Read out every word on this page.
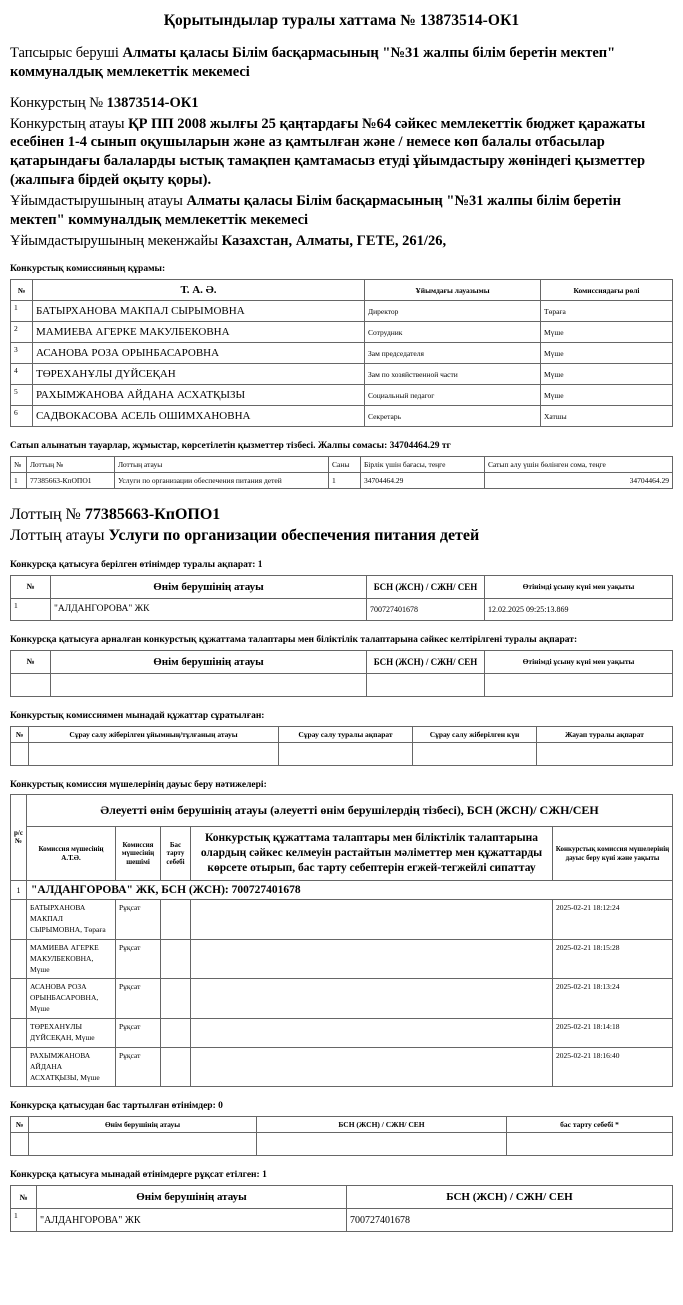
Қорытындылар туралы хаттама № 13873514-ОК1
Тапсырыс беруші Алматы қаласы Білім басқармасының "№31 жалпы білім беретін мектеп" коммуналдық мемлекеттік мекемесі
Конкурстың № 13873514-ОК1
Конкурстың атауы ҚР ПП 2008 жылғы 25 қаңтардағы №64 сәйкес мемлекеттік бюджет қаражаты есебінен 1-4 сынып оқушыларын және аз қамтылған және / немесе көп балалы отбасылар қатарындағы балаларды ыстық тамақпен қамтамасыз етуді ұйымдастыру жөніндегі қызметтер (жалпыға бірдей оқыту қоры).
Ұйымдастырушының атауы Алматы қаласы Білім басқармасының "№31 жалпы білім беретін мектеп" коммуналдық мемлекеттік мекемесі
Ұйымдастырушының мекенжайы Казахстан, Алматы, ГЕТЕ, 261/26,
Конкурстық комиссияның құрамы:
№	Т. А. Ә.	Ұйымдағы лауазымы	Комиссиядағы рөлі
1	БАТЫРХАНОВА МАКПАЛ СЫРЫМОВНА	Директор	Төраға
2	МАМИЕВА АГЕРКЕ МАКУЛБЕКОВНА	Сотрудник	Мүше
3	АСАНОВА РОЗА ОРЫНБАСАРОВНА	Зам председателя	Мүше
4	ТӨРЕХАНҰЛЫ ДҮЙСЕҚАН	Зам по хозяйственной части	Мүше
5	РАХЫМЖАНОВА АЙДАНА АСХАТҚЫЗЫ	Социальный педагог	Мүше
6	САДВОКАСОВА АСЕЛЬ ОШИМХАНОВНА	Секретарь	Хатшы
Сатып алынатын тауарлар, жұмыстар, көрсетілетін қызметтер тізбесі. Жалпы сомасы: 34704464.29 тг
№	Лоттың №	Лоттың атауы	Саны	Бірлік үшін бағасы, теңге	Сатып алу үшін бөлінген сома, теңге
1	77385663-КпОПО1	Услуги по организации обеспечения питания детей	1	34704464.29	34704464.29
Лоттың № 77385663-КпОПО1
Лоттың атауы Услуги по организации обеспечения питания детей
Конкурсқа қатысуға берілген өтінімдер туралы ақпарат: 1
№	Өнім берушінің атауы	БСН (ЖСН) / СЖН/ СЕН	Өтінімді ұсыну күні мен уақыты
1	"АЛДАНГОРОВА" ЖК	700727401678	12.02.2025 09:25:13.869
Конкурсқа қатысуға арналған конкурстық құжаттама талаптары мен біліктілік талаптарына сәйкес келтірілгені туралы ақпарат:
№	Өнім берушінің атауы	БСН (ЖСН) / СЖН/ СЕН	Өтінімді ұсыну күні мен уақыты

Конкурстық комиссиямен мынадай құжаттар сұратылған:
№	Сұрау салу жіберілген ұйымның/тұлғаның атауы	Сұрау салу туралы ақпарат	Сұрау салу жіберілген күн	Жауап туралы ақпарат

Конкурстық комиссия мүшелерінің дауыс беру нәтижелері:
р/с №	Әлеуетті өнім берушінің атауы (әлеуетті өнім берушілердің тізбесі), БСН (ЖСН)/ СЖН/СЕН				
	Комиссия мүшесінің А.Т.Ә.	Комиссия мүшесінің шешімі	Бас тарту себебі	Конкурстық құжаттама талаптары мен біліктілік талаптарына олардың сәйкес келмеуін растайтын мәліметтер мен құжаттарды көрсете отырып, бас тарту себептерін егжей-тегжейлі сипаттау	Конкурстық комиссия мүшелерінің дауыс беру күні және уақыты
1	"АЛДАНГОРОВА" ЖК, БСН (ЖСН): 700727401678				
	БАТЫРХАНОВА МАКПАЛ СЫРЫМОВНА, Төраға	Рұқсат			2025-02-21 18:12:24
	МАМИЕВА АГЕРКЕ МАКУЛБЕКОВНА, Мүше	Рұқсат			2025-02-21 18:15:28
	АСАНОВА РОЗА ОРЫНБАСАРОВНА, Мүше	Рұқсат			2025-02-21 18:13:24
	ТӨРЕХАНҰЛЫ ДҮЙСЕҚАН, Мүше	Рұқсат			2025-02-21 18:14:18
	РАХЫМЖАНОВА АЙДАНА АСХАТҚЫЗЫ, Мүше	Рұқсат			2025-02-21 18:16:40
Конкурсқа қатысудан бас тартылған өтінімдер: 0
№	Өнім берушінің атауы	БСН (ЖСН) / СЖН/ СЕН	бас тарту себебі *

Конкурсқа қатысуға мынадай өтінімдерге рұқсат етілген: 1
№	Өнім берушінің атауы	БСН (ЖСН) / СЖН/ СЕН
1	"АЛДАНГОРОВА" ЖК	700727401678
